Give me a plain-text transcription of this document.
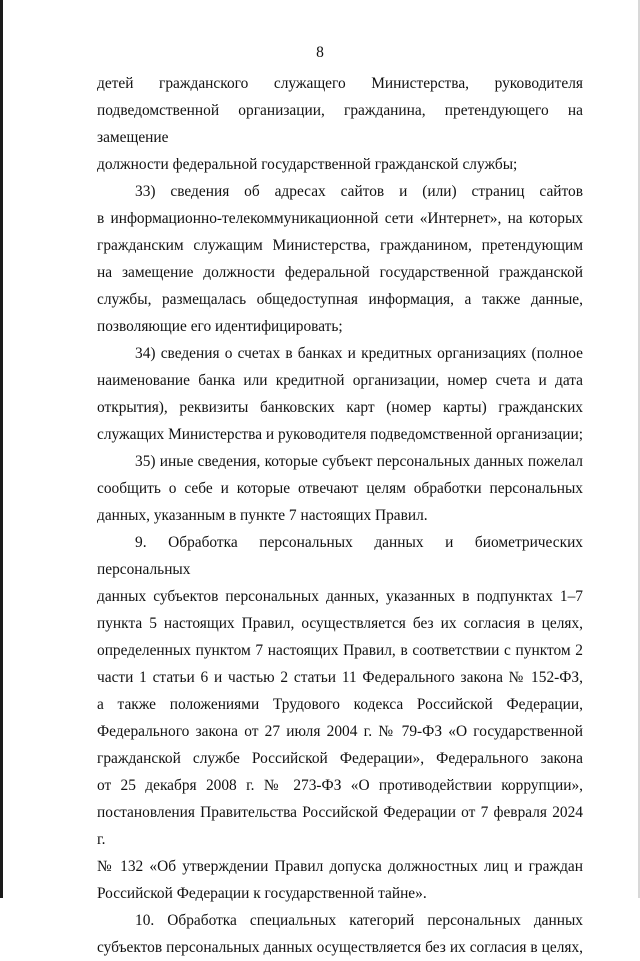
8
детей гражданского служащего Министерства, руководителя
подведомственной организации, гражданина, претендующего на замещение
должности федеральной государственной гражданской службы;
33) сведения об адресах сайтов и (или) страниц сайтов
в информационно-телекоммуникационной сети «Интернет», на которых
гражданским служащим Министерства, гражданином, претендующим
на замещение должности федеральной государственной гражданской
службы, размещалась общедоступная информация, а также данные,
позволяющие его идентифицировать;
34) сведения о счетах в банках и кредитных организациях (полное
наименование банка или кредитной организации, номер счета и дата
открытия), реквизиты банковских карт (номер карты) гражданских
служащих Министерства и руководителя подведомственной организации;
35) иные сведения, которые субъект персональных данных пожелал
сообщить о себе и которые отвечают целям обработки персональных
данных, указанным в пункте 7 настоящих Правил.
9. Обработка персональных данных и биометрических персональных
данных субъектов персональных данных, указанных в подпунктах 1–7
пункта 5 настоящих Правил, осуществляется без их согласия в целях,
определенных пунктом 7 настоящих Правил, в соответствии с пунктом 2
части 1 статьи 6 и частью 2 статьи 11 Федерального закона № 152-ФЗ,
а также положениями Трудового кодекса Российской Федерации,
Федерального закона от 27 июля 2004 г. № 79-ФЗ «О государственной
гражданской службе Российской Федерации», Федерального закона
от 25 декабря 2008 г. № 273-ФЗ «О противодействии коррупции»,
постановления Правительства Российской Федерации от 7 февраля 2024 г.
№ 132 «Об утверждении Правил допуска должностных лиц и граждан
Российской Федерации к государственной тайне».
10. Обработка специальных категорий персональных данных
субъектов персональных данных осуществляется без их согласия в целях,
